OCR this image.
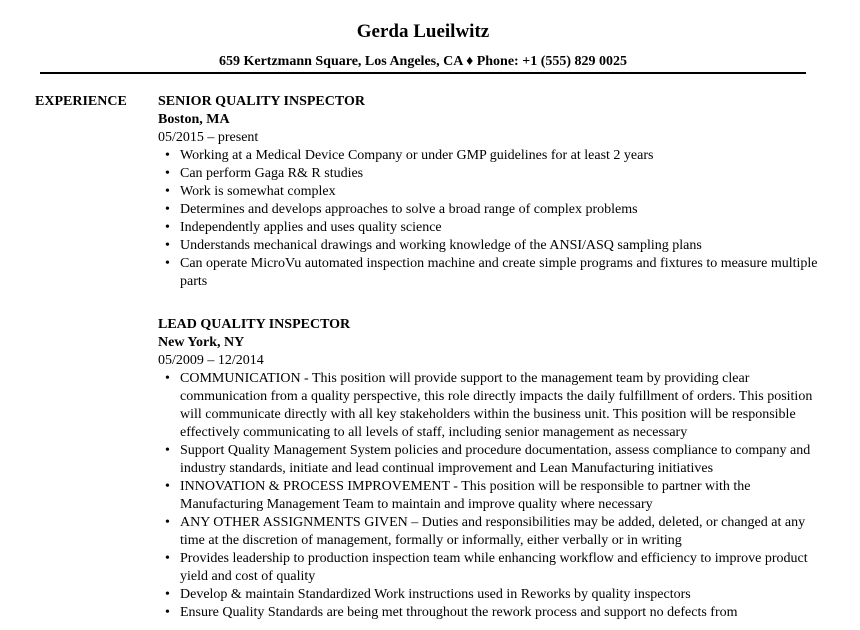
Gerda Lueilwitz
659 Kertzmann Square, Los Angeles, CA ♦ Phone: +1 (555) 829 0025
EXPERIENCE SENIOR QUALITY INSPECTOR
Boston, MA
05/2015 – present
• Working at a Medical Device Company or under GMP guidelines for at least 2 years
• Can perform Gaga R& R studies
• Work is somewhat complex
• Determines and develops approaches to solve a broad range of complex problems
• Independently applies and uses quality science
• Understands mechanical drawings and working knowledge of the ANSI/ASQ sampling plans
• Can operate MicroVu automated inspection machine and create simple programs and fixtures to measure multiple parts
LEAD QUALITY INSPECTOR
New York, NY
05/2009 – 12/2014
• COMMUNICATION - This position will provide support to the management team by providing clear communication from a quality perspective, this role directly impacts the daily fulfillment of orders. This position will communicate directly with all key stakeholders within the business unit. This position will be responsible effectively communicating to all levels of staff, including senior management as necessary
• Support Quality Management System policies and procedure documentation, assess compliance to company and industry standards, initiate and lead continual improvement and Lean Manufacturing initiatives
• INNOVATION & PROCESS IMPROVEMENT - This position will be responsible to partner with the Manufacturing Management Team to maintain and improve quality where necessary
• ANY OTHER ASSIGNMENTS GIVEN – Duties and responsibilities may be added, deleted, or changed at any time at the discretion of management, formally or informally, either verbally or in writing
• Provides leadership to production inspection team while enhancing workflow and efficiency to improve product yield and cost of quality
• Develop & maintain Standardized Work instructions used in Reworks by quality inspectors
• Ensure Quality Standards are being met throughout the rework process and support no defects from
